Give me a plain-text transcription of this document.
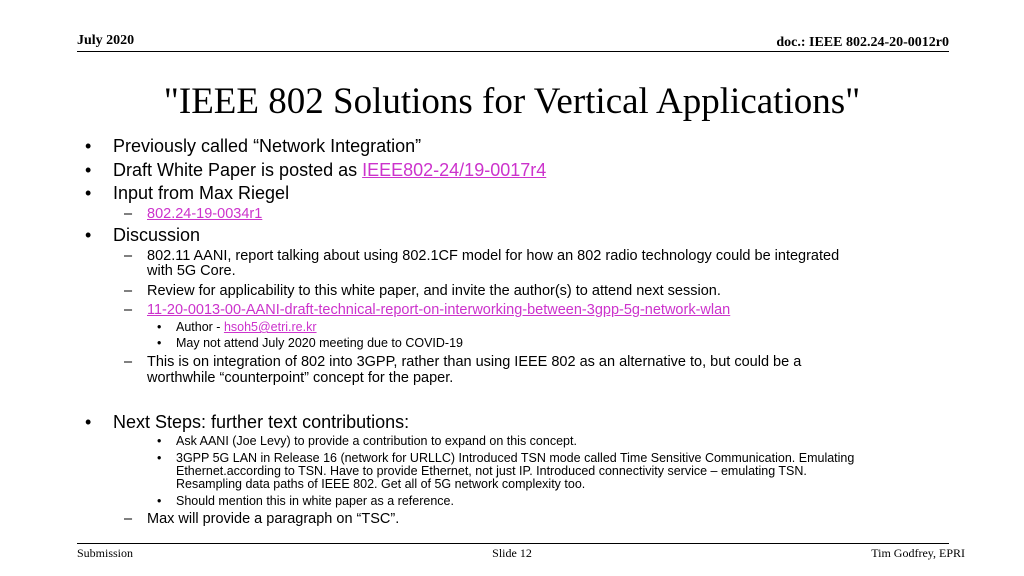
July 2020	doc.: IEEE 802.24-20-0012r0
"IEEE 802 Solutions for Vertical Applications"
• Previously called “Network Integration”
• Draft White Paper is posted as IEEE802-24/19-0017r4
• Input from Max Riegel
– 802.24-19-0034r1
• Discussion
– 802.11 AANI, report talking about using 802.1CF model for how an 802 radio technology could be integrated
with 5G Core.
– Review for applicability to this white paper, and invite the author(s) to attend next session.
– 11-20-0013-00-AANI-draft-technical-report-on-interworking-between-3gpp-5g-network-wlan
• Author - hsoh5@etri.re.kr
• May not attend July 2020 meeting due to COVID-19
– This is on integration of 802 into 3GPP, rather than using IEEE 802 as an alternative to, but could be a
worthwhile “counterpoint” concept for the paper.
• Next Steps: further text contributions:
• Ask AANI (Joe Levy) to provide a contribution to expand on this concept.
• 3GPP 5G LAN in Release 16 (network for URLLC) Introduced TSN mode called Time Sensitive Communication. Emulating
Ethernet.according to TSN. Have to provide Ethernet, not just IP. Introduced connectivity service – emulating TSN.
Resampling data paths of IEEE 802. Get all of 5G network complexity too.
• Should mention this in white paper as a reference.
– Max will provide a paragraph on “TSC”.
Submission	Slide 12	Tim Godfrey, EPRI
